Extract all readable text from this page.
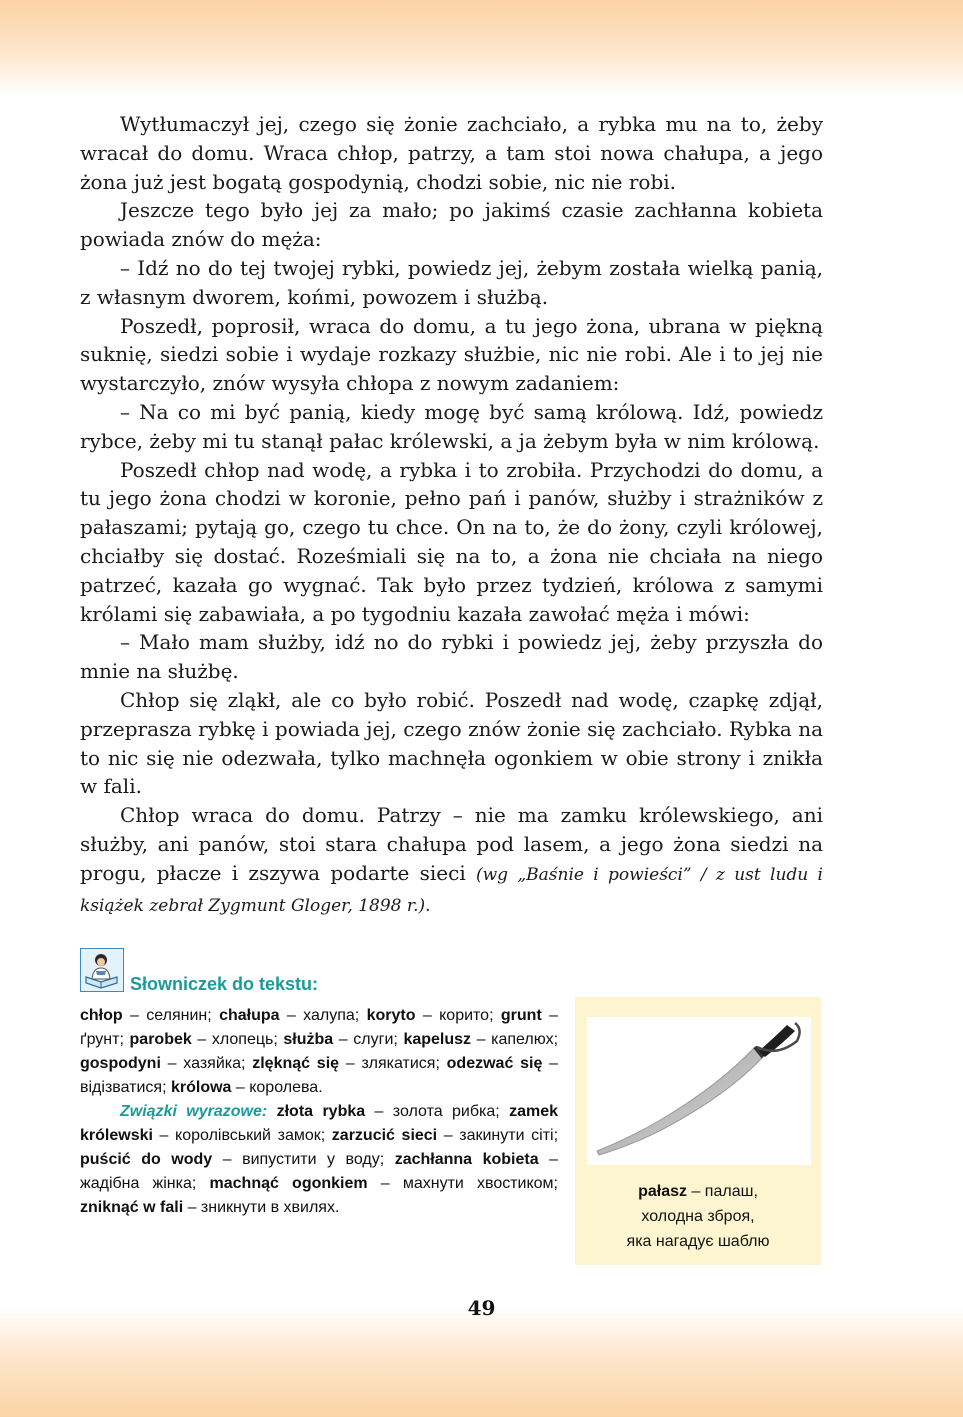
Wytłumaczył jej, czego się żonie zachciało, a rybka mu na to, żeby wracał do domu. Wraca chłop, patrzy, a tam stoi nowa chałupa, a jego żona już jest bogatą gospodynią, chodzi sobie, nic nie robi.

Jeszcze tego było jej za mało; po jakimś czasie zachłanna kobieta powiada znów do męża:

– Idź no do tej twojej rybki, powiedz jej, żebym została wielką panią, z własnym dworem, końmi, powozem i służbą.

Poszedł, poprosił, wraca do domu, a tu jego żona, ubrana w piękną suknię, siedzi sobie i wydaje rozkazy służbie, nic nie robi. Ale i to jej nie wystarczyło, znów wysyła chłopa z nowym zadaniem:

– Na co mi być panią, kiedy mogę być samą królową. Idź, powiedz rybce, żeby mi tu stanął pałac królewski, a ja żebym była w nim królową.

Poszedł chłop nad wodę, a rybka i to zrobiła. Przychodzi do domu, a tu jego żona chodzi w koronie, pełno pań i panów, służby i strażników z pałaszami; pytają go, czego tu chce. On na to, że do żony, czyli królowej, chciałby się dostać. Roześmiali się na to, a żona nie chciała na niego patrzeć, kazała go wygnać. Tak było przez tydzień, królowa z samymi królami się zabawiała, a po tygodniu kazała zawołać męża i mówi:

– Mało mam służby, idź no do rybki i powiedz jej, żeby przyszła do mnie na służbę.

Chłop się zląkł, ale co było robić. Poszedł nad wodę, czapkę zdjął, przeprasza rybkę i powiada jej, czego znów żonie się zachciało. Rybka na to nic się nie odezwała, tylko machnęła ogonkiem w obie strony i znikła w fali.

Chłop wraca do domu. Patrzy – nie ma zamku królewskiego, ani służby, ani panów, stoi stara chałupa pod lasem, a jego żona siedzi na progu, płacze i zszywa podarte sieci (wg „Baśnie i powieści” / z ust ludu i książek zebrał Zygmunt Gloger, 1898 r.).

Słowniczek do tekstu:

chłop – селянин; chałupa – халупа; koryto – корито; grunt – ґрунт; parobek – хлопець; służba – слуги; kapelusz – капелюх; gospodyni – хазяйка; zlęknąć się – злякатися; odezwać się – відізватися; królowa – королева.

Związki wyrazowe: złota rybka – золота рибка; zamek królewski – королівський замок; zarzucić sieci – закинути сіті; puścić do wody – випустити у воду; zachłanna kobieta – жадібна жінка; machnąć ogonkiem – махнути хвостиком; zniknąć w fali – зникнути в хвилях.

pałasz – палаш,
холодна зброя,
яка нагадує шаблю
49
